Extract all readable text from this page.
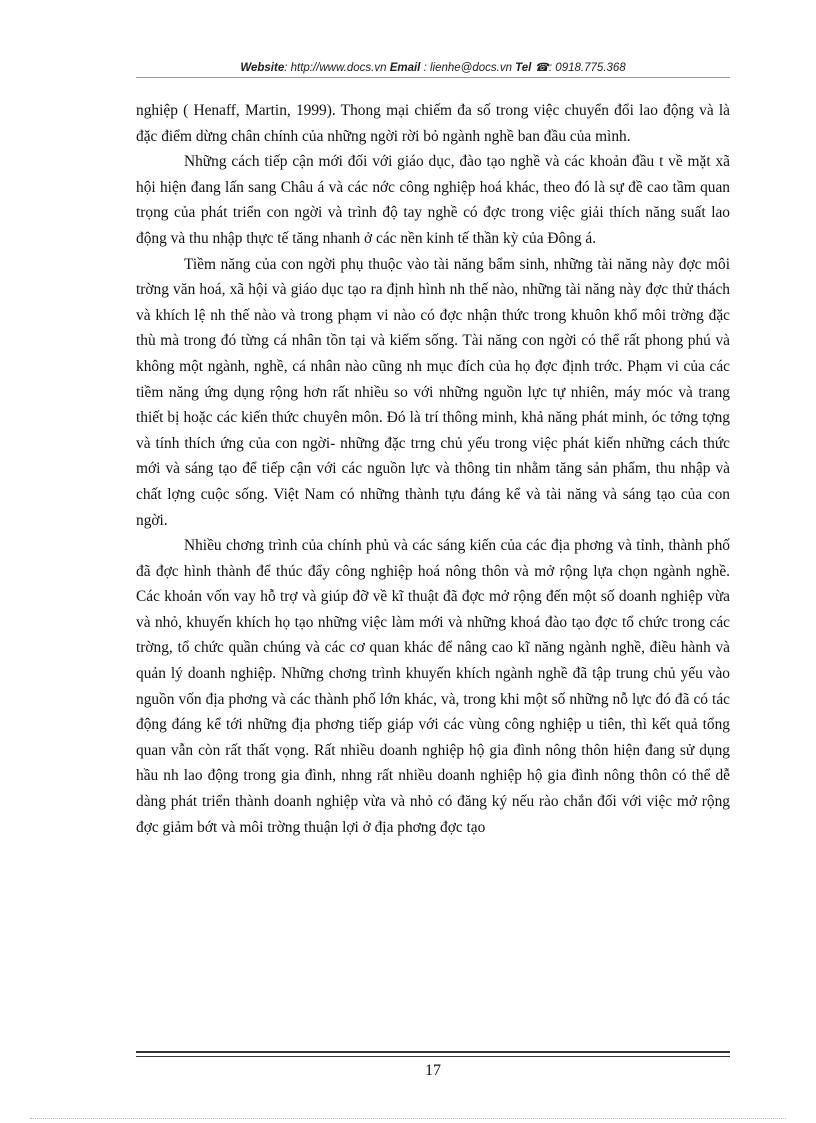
Website: http://www.docs.vn Email : lienhe@docs.vn Tel ☎: 0918.775.368

nghiệp ( Henaff, Martin, 1999). Thong mại chiếm đa số trong việc chuyển đổi lao động và là đặc điểm dừng chân chính của những ngời rời bỏ ngành nghề ban đầu của mình.

Những cách tiếp cận mới đối với giáo dục, đào tạo nghề và các khoản đầu t về mặt xã hội hiện đang lấn sang Châu á và các nớc công nghiệp hoá khác, theo đó là sự đề cao tầm quan trọng của phát triển con ngời và trình độ tay nghề có đợc trong việc giải thích năng suất lao động và thu nhập thực tế tăng nhanh ở các nền kinh tế thần kỳ của Đông á.

Tiềm năng của con ngời phụ thuộc vào tài năng bẩm sinh, những tài năng này đợc môi trờng văn hoá, xã hội và giáo dục tạo ra định hình nh thế nào, những tài năng này đợc thử thách và khích lệ nh thế nào và trong phạm vi nào có đợc nhận thức trong khuôn khổ môi trờng đặc thù mà trong đó từng cá nhân tồn tại và kiếm sống. Tài năng con ngời có thể rất phong phú và không một ngành, nghề, cá nhân nào cũng nh mục đích của họ đợc định trớc. Phạm vi của các tiềm năng ứng dụng rộng hơn rất nhiều so với những nguồn lực tự nhiên, máy móc và trang thiết bị hoặc các kiến thức chuyên môn. Đó là trí thông minh, khả năng phát minh, óc tởng tợng và tính thích ứng của con ngời- những đặc trng chủ yếu trong việc phát kiến những cách thức mới và sáng tạo để tiếp cận với các nguồn lực và thông tin nhằm tăng sản phẩm, thu nhập và chất lợng cuộc sống. Việt Nam có những thành tựu đáng kể và tài năng và sáng tạo của con ngời.

Nhiều chơng trình của chính phủ và các sáng kiến của các địa phơng và tỉnh, thành phố đã đợc hình thành để thúc đẩy công nghiệp hoá nông thôn và mở rộng lựa chọn ngành nghề. Các khoản vốn vay hỗ trợ và giúp đỡ về kĩ thuật đã đợc mở rộng đến một số doanh nghiệp vừa và nhỏ, khuyến khích họ tạo những việc làm mới và những khoá đào tạo đợc tổ chức trong các trờng, tổ chức quần chúng và các cơ quan khác để nâng cao kĩ năng ngành nghề, điều hành và quản lý doanh nghiệp. Những chơng trình khuyến khích ngành nghề đã tập trung chủ yếu vào nguồn vốn địa phơng và các thành phố lớn khác, và, trong khi một số những nỗ lực đó đã có tác động đáng kể tới những địa phơng tiếp giáp với các vùng công nghiệp u tiên, thì kết quả tổng quan vẫn còn rất thất vọng. Rất nhiều doanh nghiệp hộ gia đình nông thôn hiện đang sử dụng hầu nh lao động trong gia đình, nhng rất nhiều doanh nghiệp hộ gia đình nông thôn có thể dễ dàng phát triển thành doanh nghiệp vừa và nhỏ có đăng ký nếu rào chắn đối với việc mở rộng đợc giảm bớt và môi trờng thuận lợi ở địa phơng đợc tạo

17
